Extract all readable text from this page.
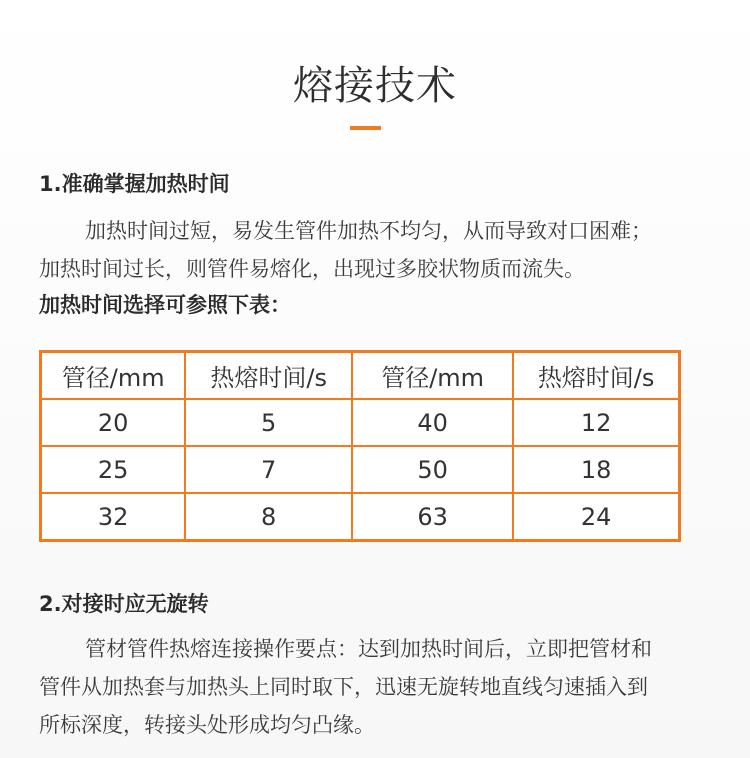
熔接技术
1.准确掌握加热时间
加热时间过短，易发生管件加热不均匀，从而导致对口困难；
加热时间过长，则管件易熔化，出现过多胶状物质而流失。
加热时间选择可参照下表：
管径/mm	热熔时间/s	管径/mm	热熔时间/s
20	5	40	12
25	7	50	18
32	8	63	24
2.对接时应无旋转
管材管件热熔连接操作要点：达到加热时间后，立即把管材和
管件从加热套与加热头上同时取下，迅速无旋转地直线匀速插入到
所标深度，转接头处形成均匀凸缘。
